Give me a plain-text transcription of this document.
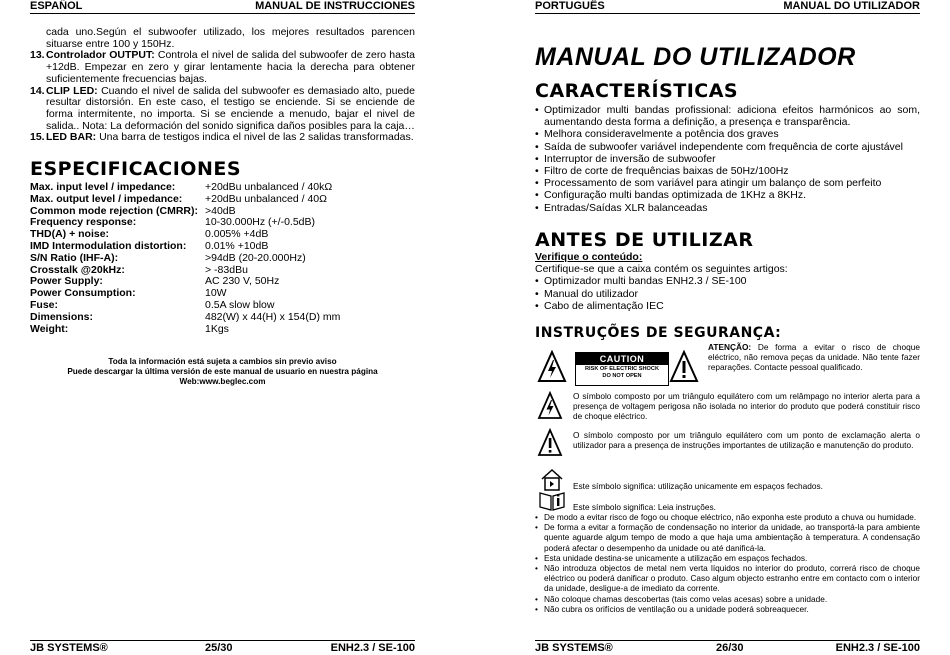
ESPAÑOL	MANUAL DE INSTRUCCIONES
cada uno.Según el subwoofer utilizado, los mejores resultados parencen situarse entre 100 y 150Hz.
13. Controlador OUTPUT: Controla el nivel de salida del subwoofer de zero hasta +12dB. Empezar en zero y girar lentamente hacia la derecha para obtener suficientemente frecuencias bajas.
14. CLIP LED: Cuando el nivel de salida del subwoofer es demasiado alto, puede resultar distorsión. En este caso, el testigo se enciende. Si se enciende de forma intermitente, no importa. Si se enciende a menudo, bajar el nivel de salida.. Nota: La deformación del sonido significa daños posibles para la caja…
15. LED BAR: Una barra de testigos indica el nivel de las 2 salidas transformadas.
ESPECIFICACIONES
Max. input level / impedance:	+20dBu unbalanced / 40kΩ
Max. output level / impedance: +20dBu unbalanced / 40Ω
Common mode rejection (CMRR): >40dB
Frequency response:	10-30.000Hz (+/-0.5dB)
THD(A) + noise:	0.005% +4dB
IMD Intermodulation distortion: 0.01% +10dB
S/N Ratio (IHF-A):	>94dB (20-20.000Hz)
Crosstalk @20kHz:	> -83dBu
Power Supply:	AC 230 V, 50Hz
Power Consumption:	10W
Fuse:	0.5A slow blow
Dimensions:	482(W) x 44(H) x 154(D) mm
Weight:	1Kgs
Toda la información está sujeta a cambios sin previo aviso
Puede descargar la última versión de este manual de usuario en nuestra página
Web:www.beglec.com
JB SYSTEMS®	25/30	ENH2.3 / SE-100
PORTUGUÊS	MANUAL DO UTILIZADOR
MANUAL DO UTILIZADOR
CARACTERÍSTICAS
• Optimizador multi bandas profissional: adiciona efeitos harmónicos ao som, aumentando desta forma a definição, a presença e transparência.
• Melhora consideravelmente a potência dos graves
• Saída de subwoofer variável independente com frequência de corte ajustável
• Interruptor de inversão de subwoofer
• Filtro de corte de frequências baixas de 50Hz/100Hz
• Processamento de som variável para atingir um balanço de som perfeito
• Configuração multi bandas optimizada de 1KHz a 8KHz.
• Entradas/Saídas XLR balanceadas
ANTES DE UTILIZAR
Verifique o conteúdo:
Certifique-se que a caixa contém os seguintes artigos:
• Optimizador multi bandas ENH2.3 / SE-100
• Manual do utilizador
• Cabo de alimentação IEC
INSTRUÇÕES DE SEGURANÇA:
CAUTION
RISK OF ELECTRIC SHOCK
DO NOT OPEN
ATENÇÃO: De forma a evitar o risco de choque eléctrico, não remova peças da unidade. Não tente fazer reparações. Contacte pessoal qualificado.
O símbolo composto por um triângulo equilátero com um relâmpago no interior alerta para a presença de voltagem perigosa não isolada no interior do produto que poderá constituir risco de choque eléctrico.
O símbolo composto por um triângulo equilátero com um ponto de exclamação alerta o utilizador para a presença de instruções importantes de utilização e manutenção do produto.
Este símbolo significa: utilização unicamente em espaços fechados.
Este símbolo significa: Leia instruções.
• De modo a evitar risco de fogo ou choque eléctrico, não exponha este produto a chuva ou humidade.
• De forma a evitar a formação de condensação no interior da unidade, ao transportá-la para ambiente quente aguarde algum tempo de modo a que haja uma ambientação à temperatura. A condensação poderá afectar o desempenho da unidade ou até danificá-la.
• Esta unidade destina-se unicamente a utilização em espaços fechados.
• Não introduza objectos de metal nem verta líquidos no interior do produto, correrá risco de choque eléctrico ou poderá danificar o produto. Caso algum objecto estranho entre em contacto com o interior da unidade, desligue-a de imediato da corrente.
• Não coloque chamas descobertas (tais como velas acesas) sobre a unidade.
• Não cubra os orifícios de ventilação ou a unidade poderá sobreaquecer.
JB SYSTEMS®	26/30	ENH2.3 / SE-100
